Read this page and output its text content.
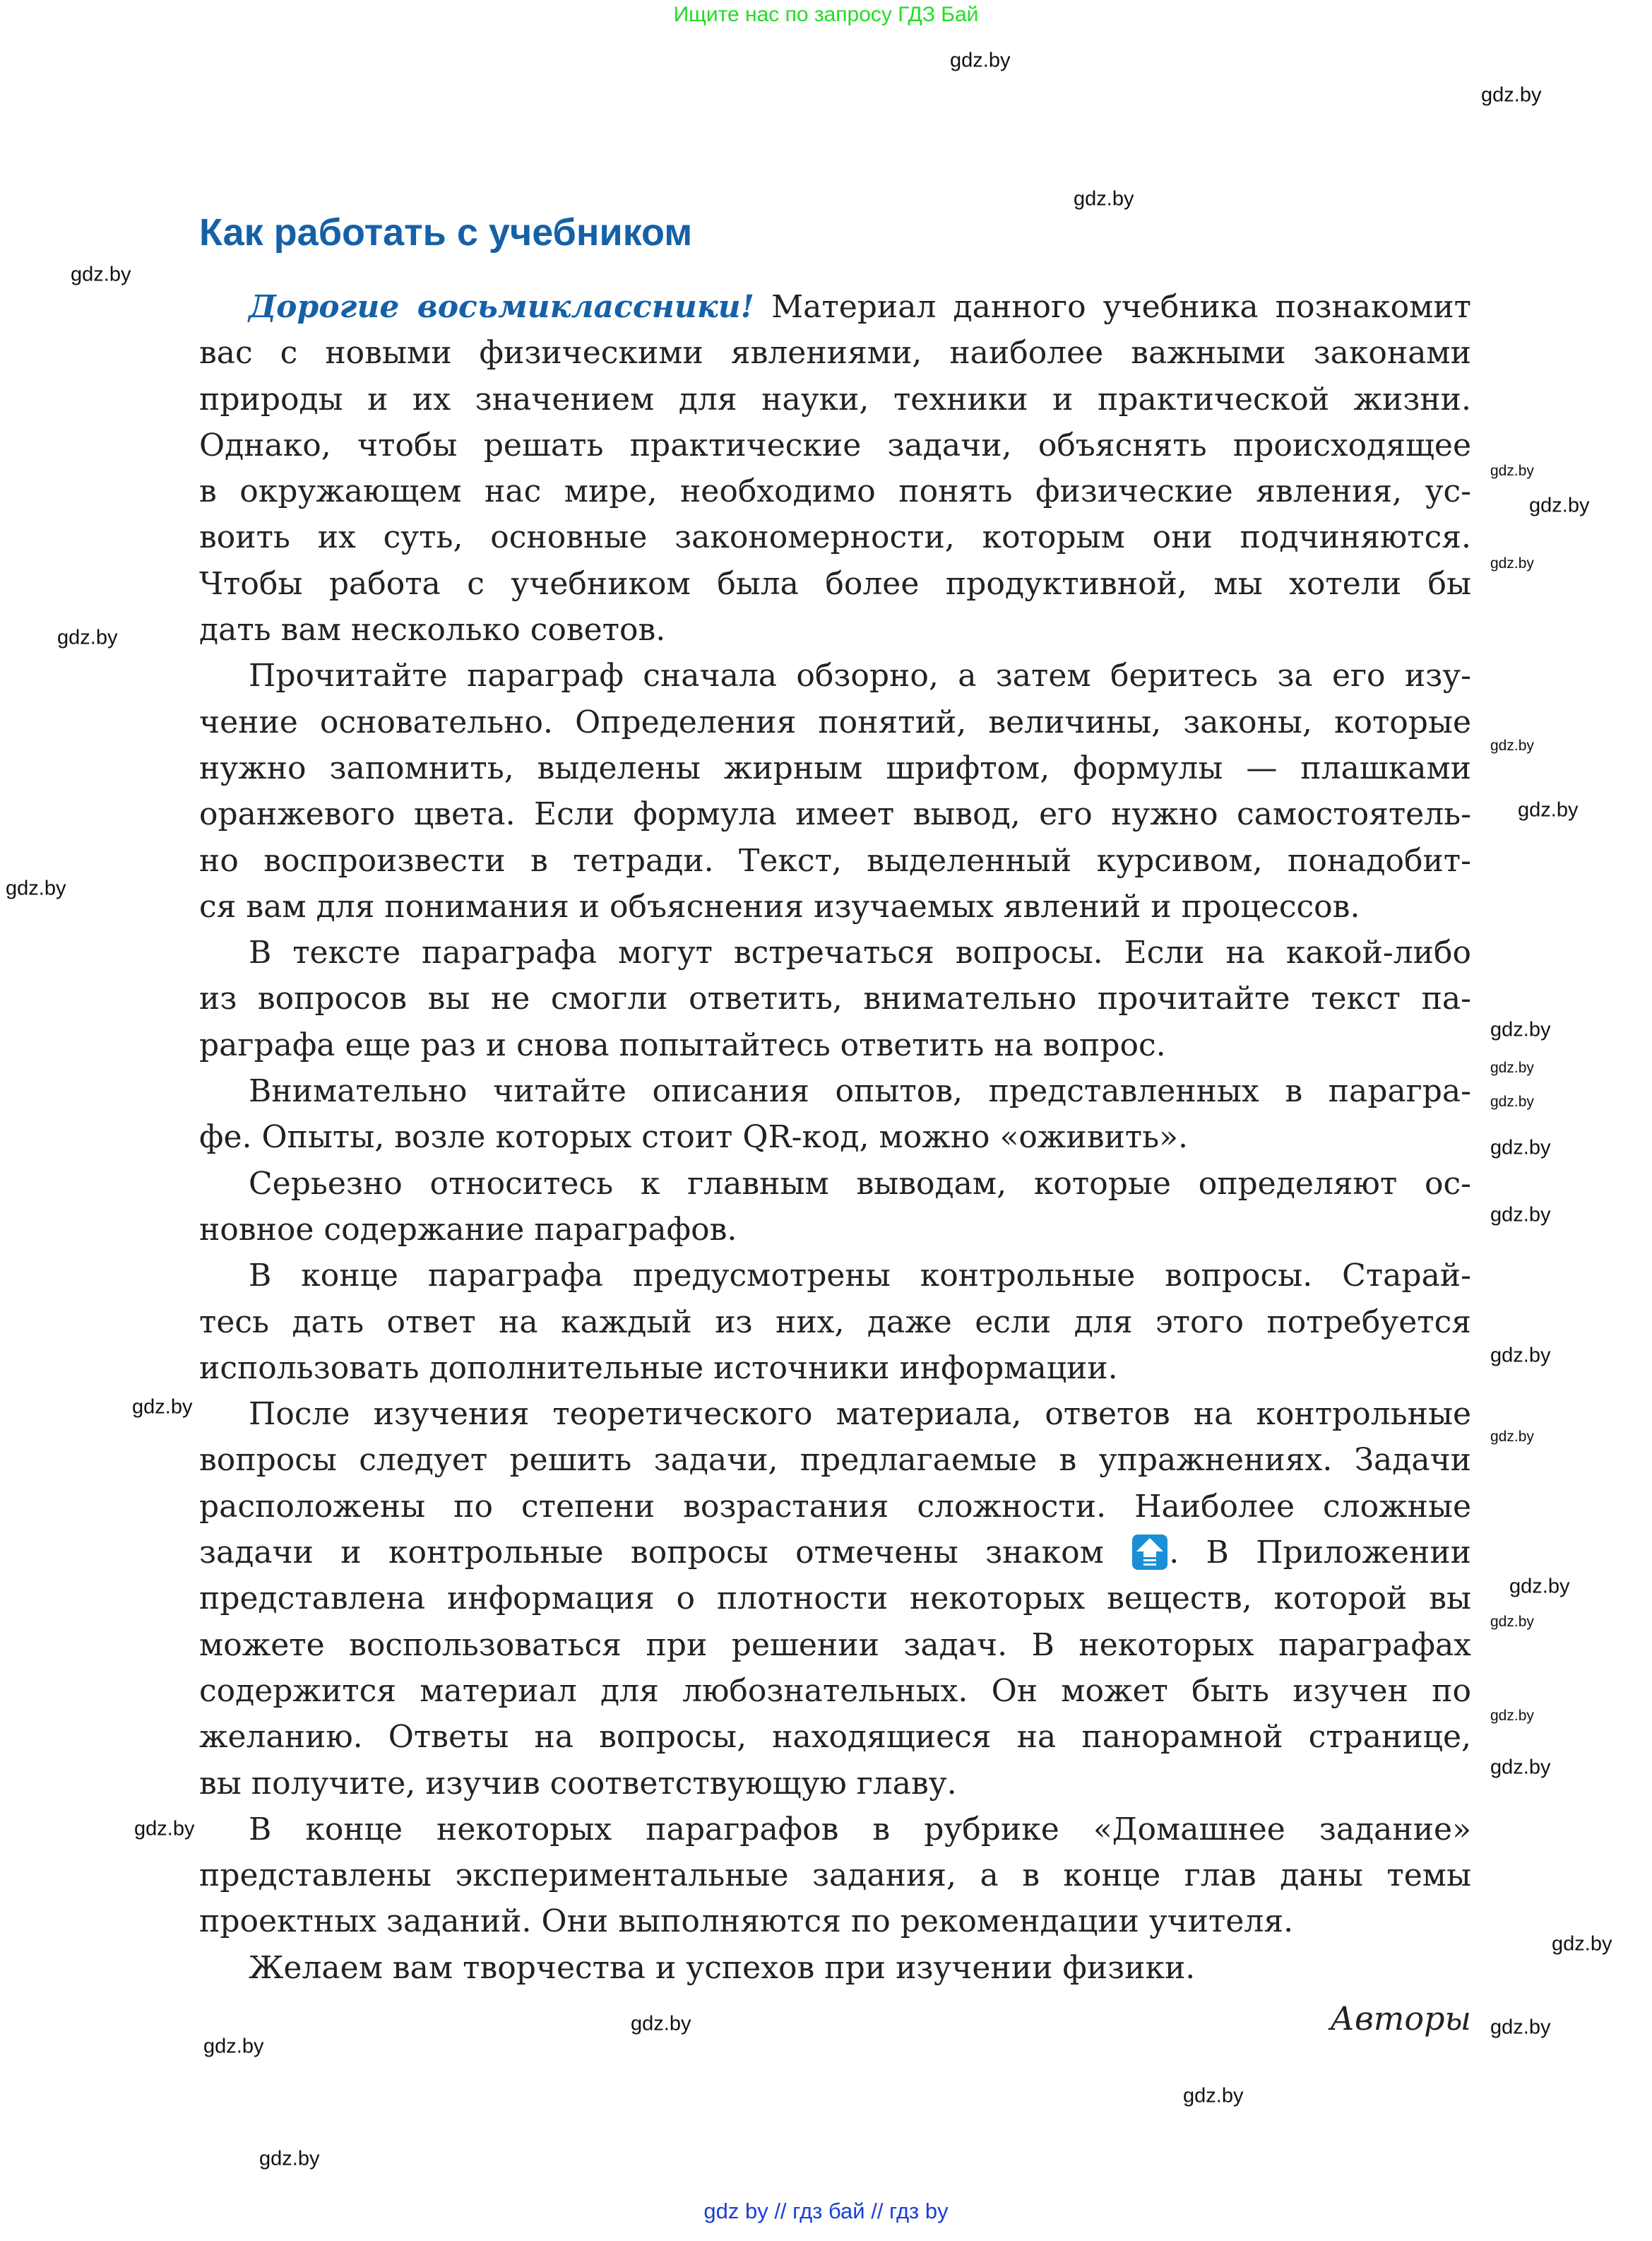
Ищите нас по запросу ГДЗ Бай
Как работать с учебником
Дорогие восьмиклассники! Материал данного учебника познакомит
вас с новыми физическими явлениями, наиболее важными законами
природы и их значением для науки, техники и практической жизни.
Однако, чтобы решать практические задачи, объяснять происходящее
в окружающем нас мире, необходимо понять физические явления, ус-
воить их суть, основные закономерности, которым они подчиняются.
Чтобы работа с учебником была более продуктивной, мы хотели бы
дать вам несколько советов.
Прочитайте параграф сначала обзорно, а затем беритесь за его изу-
чение основательно. Определения понятий, величины, законы, которые
нужно запомнить, выделены жирным шрифтом, формулы — плашками
оранжевого цвета. Если формула имеет вывод, его нужно самостоятель-
но воспроизвести в тетради. Текст, выделенный курсивом, понадобит-
ся вам для понимания и объяснения изучаемых явлений и процессов.
В тексте параграфа могут встречаться вопросы. Если на какой-либо
из вопросов вы не смогли ответить, внимательно прочитайте текст па-
раграфа еще раз и снова попытайтесь ответить на вопрос.
Внимательно читайте описания опытов, представленных в парагра-
фе. Опыты, возле которых стоит QR-код, можно «оживить».
Серьезно относитесь к главным выводам, которые определяют ос-
новное содержание параграфов.
В конце параграфа предусмотрены контрольные вопросы. Старай-
тесь дать ответ на каждый из них, даже если для этого потребуется
использовать дополнительные источники информации.
После изучения теоретического материала, ответов на контрольные
вопросы следует решить задачи, предлагаемые в упражнениях. Задачи
расположены по степени возрастания сложности. Наиболее сложные
задачи и контрольные вопросы отмечены знаком . В Приложении
представлена информация о плотности некоторых веществ, которой вы
можете воспользоваться при решении задач. В некоторых параграфах
содержится материал для любознательных. Он может быть изучен по
желанию. Ответы на вопросы, находящиеся на панорамной странице,
вы получите, изучив соответствующую главу.
В конце некоторых параграфов в рубрике «Домашнее задание»
представлены экспериментальные задания, а в конце глав даны темы
проектных заданий. Они выполняются по рекомендации учителя.
Желаем вам творчества и успехов при изучении физики.
Авторы
gdz by // гдз бай // гдз by
gdz.by
gdz.by
gdz.by
gdz.by
gdz.by
gdz.by
gdz.by
gdz.by
gdz.by
gdz.by
gdz.by
gdz.by
gdz.by
gdz.by
gdz.by
gdz.by
gdz.by
gdz.by
gdz.by
gdz.by
gdz.by
gdz.by
gdz.by
gdz.by
gdz.by
gdz.by
gdz.by
gdz.by
gdz.by
gdz.by
